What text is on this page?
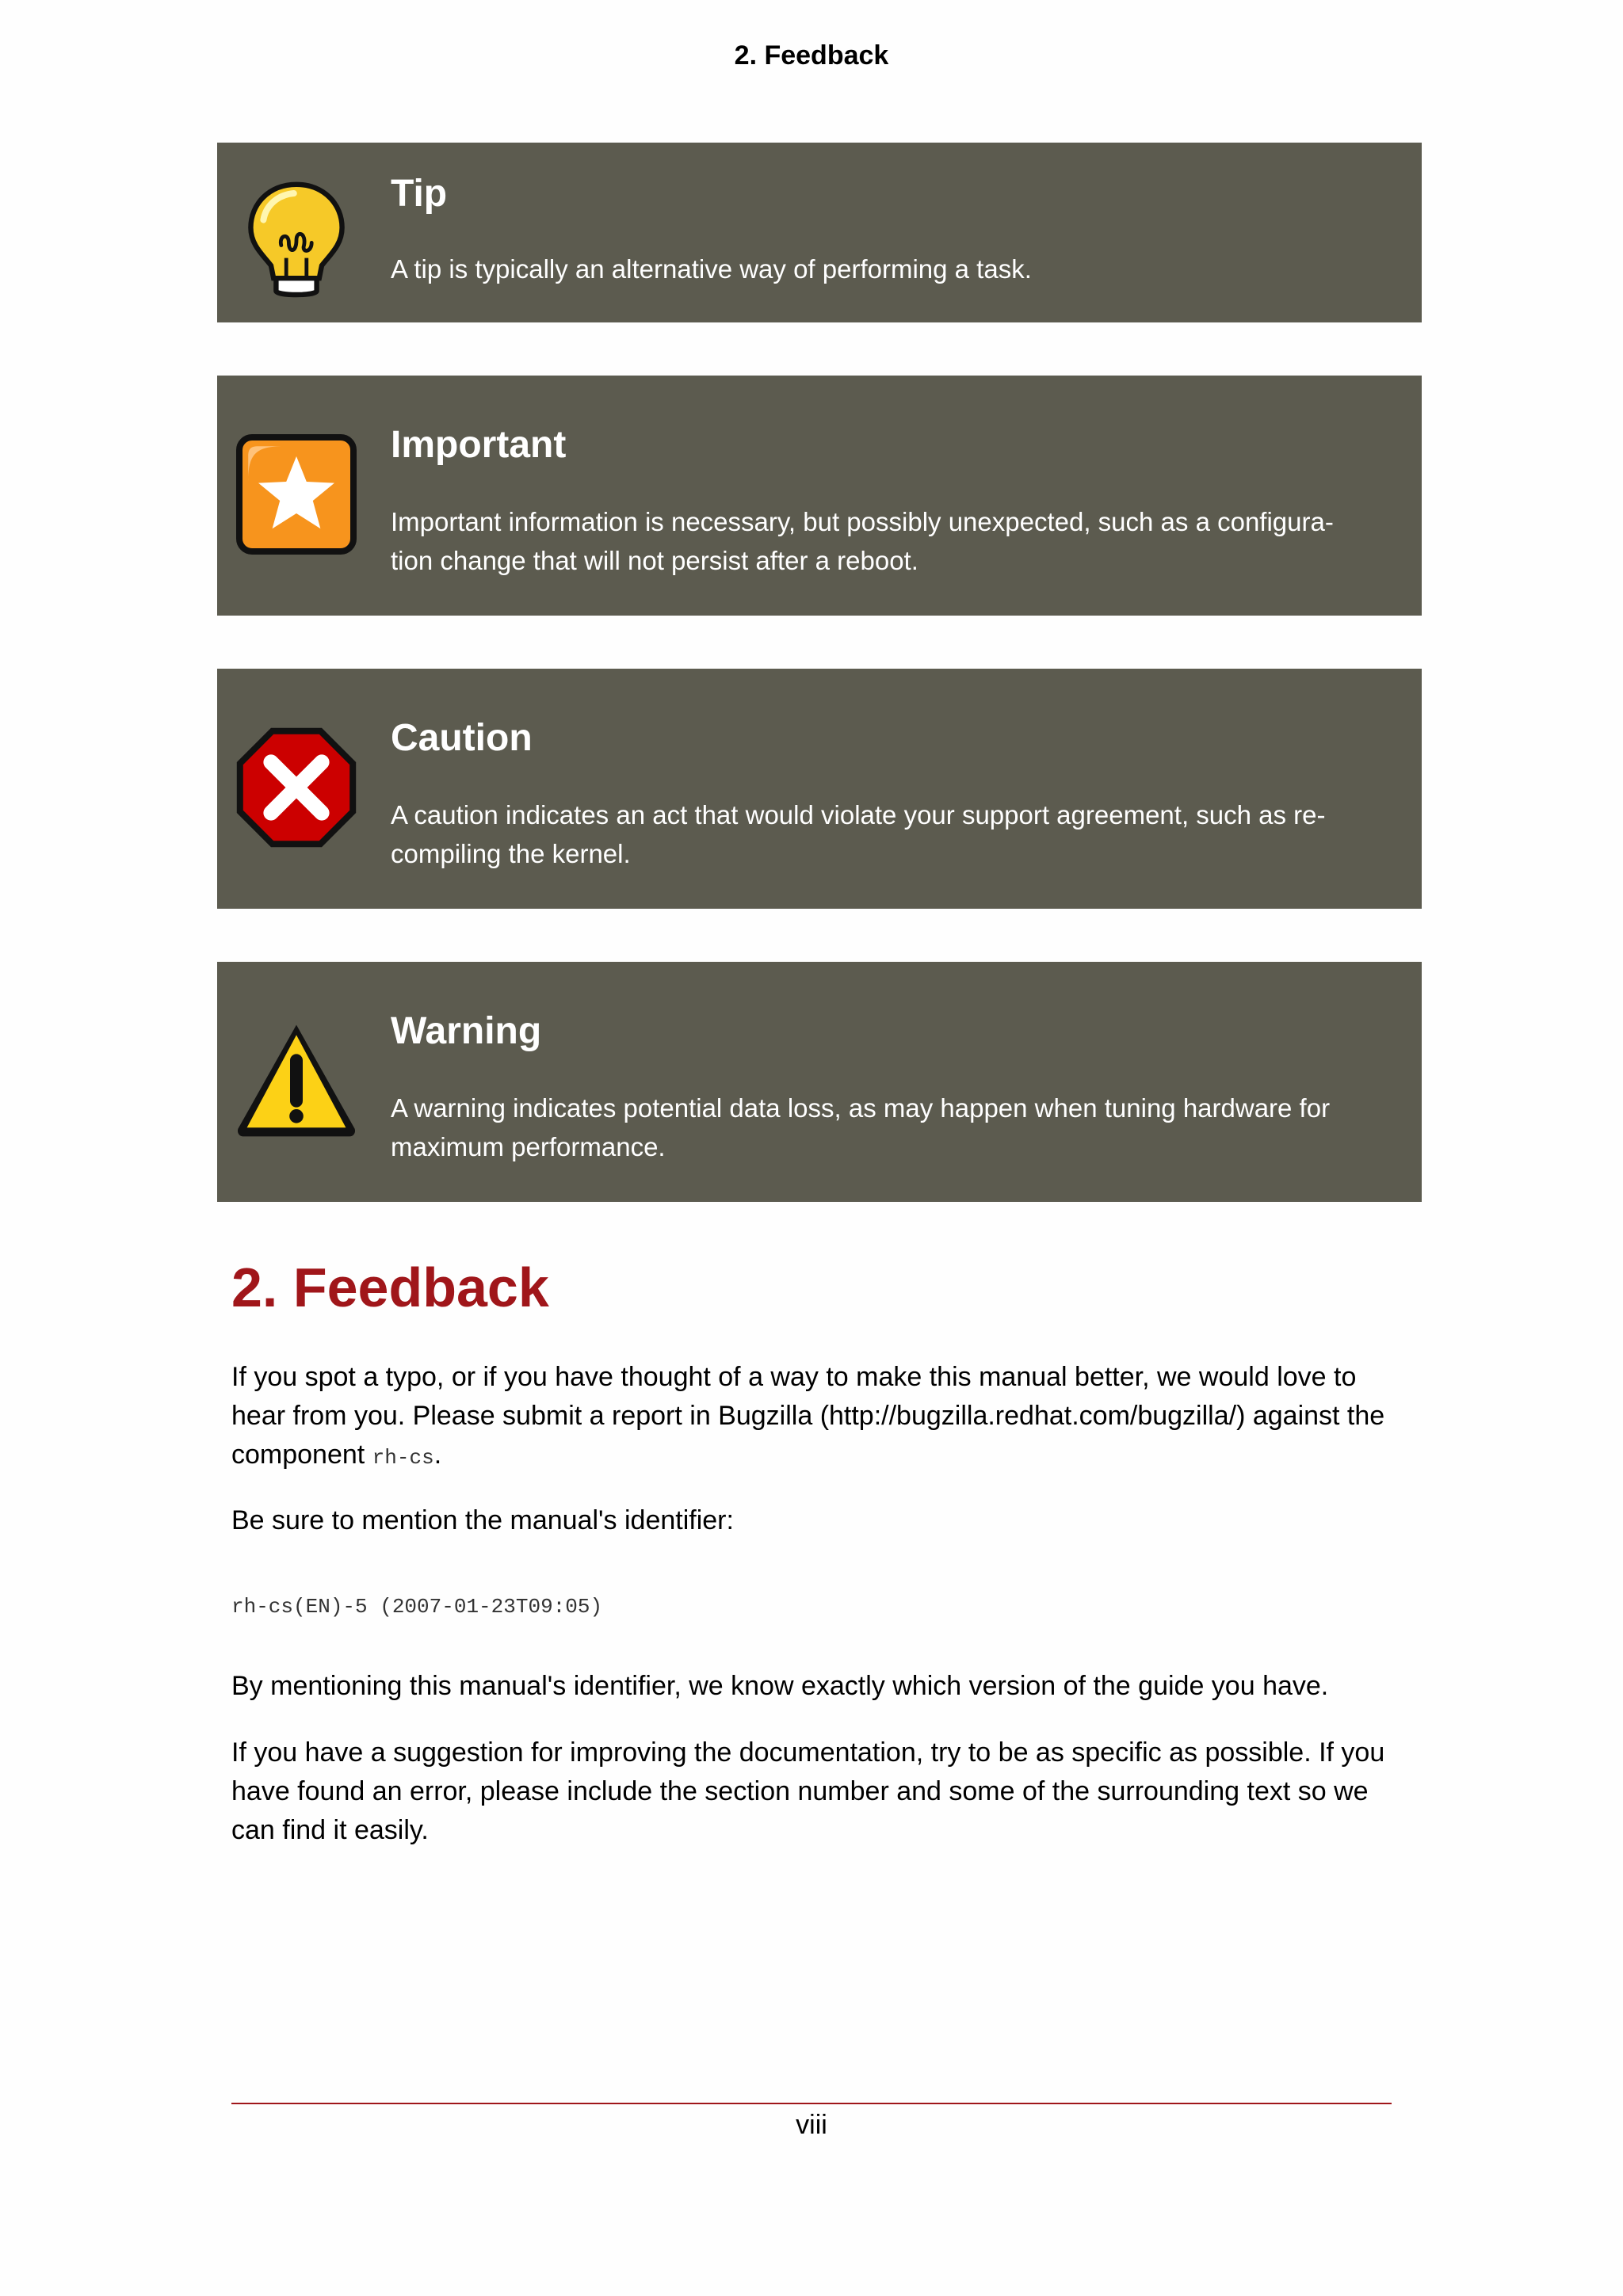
2. Feedback
Tip

A tip is typically an alternative way of performing a task.

Important

Important information is necessary, but possibly unexpected, such as a configura- tion change that will not persist after a reboot.

Caution

A caution indicates an act that would violate your support agreement, such as re- compiling the kernel.

Warning

A warning indicates potential data loss, as may happen when tuning hardware for maximum performance.

2. Feedback

If you spot a typo, or if you have thought of a way to make this manual better, we would love to hear from you. Please submit a report in Bugzilla (http://bugzilla.redhat.com/bugzilla/) against the component rh-cs.

Be sure to mention the manual's identifier:

rh-cs(EN)-5 (2007-01-23T09:05)

By mentioning this manual's identifier, we know exactly which version of the guide you have.

If you have a suggestion for improving the documentation, try to be as specific as possible. If you have found an error, please include the section number and some of the surrounding text so we can find it easily.

viii
